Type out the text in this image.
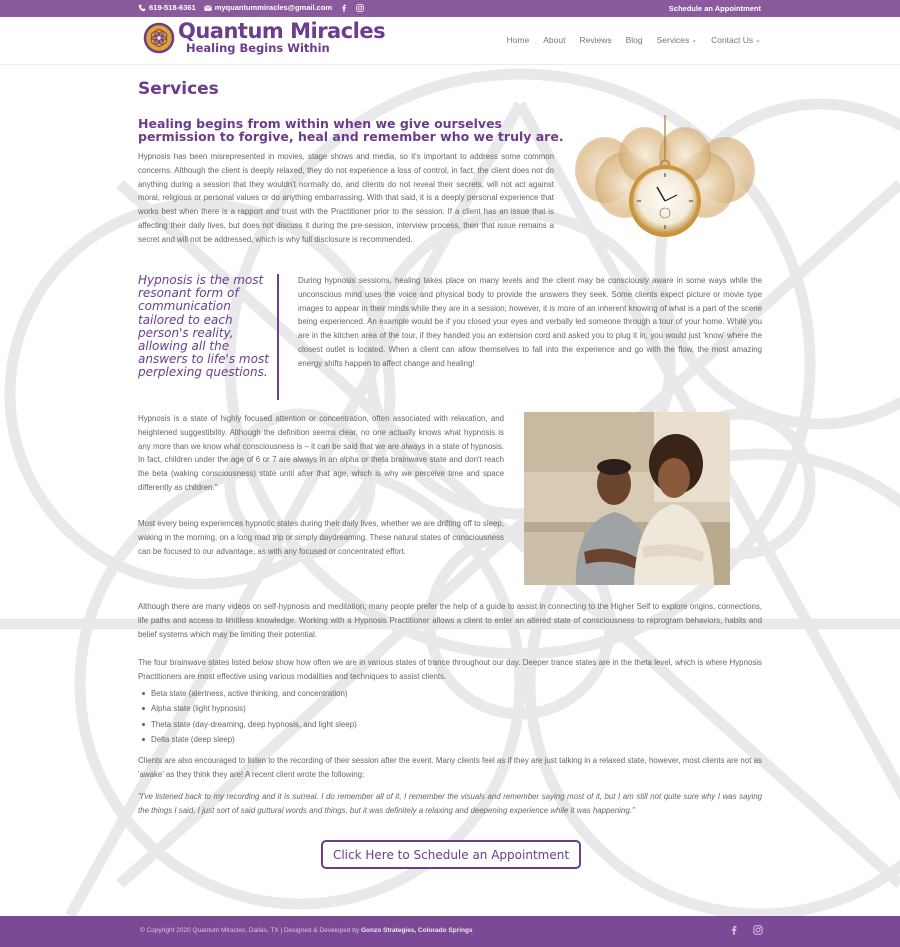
619-518-6361	myquantummiracles@gmail.com	Schedule an Appointment
Quantum Miracles
Healing Begins Within
Home About Reviews Blog Services ⌄ Contact Us ⌄
Services
Healing begins from within when we give ourselves permission to forgive, heal and remember who we truly are.

Hypnosis has been misrepresented in movies, stage shows and media, so it's important to address some common concerns. Although the client is deeply relaxed, they do not experience a loss of control, in fact, the client does not do anything during a session that they wouldn't normally do, and clients do not reveal their secrets, will not act against moral, religious or personal values or do anything embarrassing. With that said, it is a deeply personal experience that works best when there is a rapport and trust with the Practitioner prior to the session. If a client has an issue that is affecting their daily lives, but does not discuss it during the pre-session, interview process, then that issue remains a secret and will not be addressed, which is why full disclosure is recommended.

Hypnosis is the most resonant form of communication tailored to each person's reality, allowing all the answers to life's most perplexing questions.

During hypnosis sessions, healing takes place on many levels and the client may be consciously aware in some ways while the unconscious mind uses the voice and physical body to provide the answers they seek. Some clients expect picture or movie type images to appear in their minds while they are in a session; however, it is more of an inherent knowing of what is a part of the scene being experienced. An example would be if you closed your eyes and verbally led someone through a tour of your home. While you are in the kitchen area of the tour, if they handed you an extension cord and asked you to plug it in, you would just 'know' where the closest outlet is located. When a client can allow themselves to fall into the experience and go with the flow, the most amazing energy shifts happen to affect change and healing!

Hypnosis is a state of highly focused attention or concentration, often associated with relaxation, and heightened suggestibility. Although the definition seems clear, no one actually knows what hypnosis is any more than we know what consciousness is – it can be said that we are always in a state of hypnosis. In fact, children under the age of 6 or 7 are always in an alpha or theta brainwave state and don't reach the beta (waking consciousness) state until after that age, which is why we perceive time and space differently as children."

Most every being experiences hypnotic states during their daily lives, whether we are drifting off to sleep, waking in the morning, on a long road trip or simply daydreaming. These natural states of consciousness can be focused to our advantage, as with any focused or concentrated effort.

Although there are many videos on self-hypnosis and meditation, many people prefer the help of a guide to assist in connecting to the Higher Self to explore origins, connections, life paths and access to limitless knowledge. Working with a Hypnosis Practitioner allows a client to enter an altered state of consciousness to reprogram behaviors, habits and belief systems which may be limiting their potential.

The four brainwave states listed below show how often we are in various states of trance throughout our day. Deeper trance states are in the theta level, which is where Hypnosis Practitioners are most effective using various modalities and techniques to assist clients.

Beta state (alertness, active thinking, and concentration)
Alpha state (light hypnosis)
Theta state (day-dreaming, deep hypnosis, and light sleep)
Delta state (deep sleep)

Clients are also encouraged to listen to the recording of their session after the event. Many clients feel as if they are just talking in a relaxed state, however, most clients are not as 'awake' as they think they are! A recent client wrote the following:

"I've listened back to my recording and it is surreal. I do remember all of it, I remember the visuals and remember saying most of it, but I am still not quite sure why I was saying the things I said, I just sort of said guttural words and things, but it was definitely a relaxing and deepening experience while it was happening."

Click Here to Schedule an Appointment
© Copyright 2020 Quantum Miracles, Dallas, TX | Designed & Developed by Gonzo Strategies, Colorado Springs
